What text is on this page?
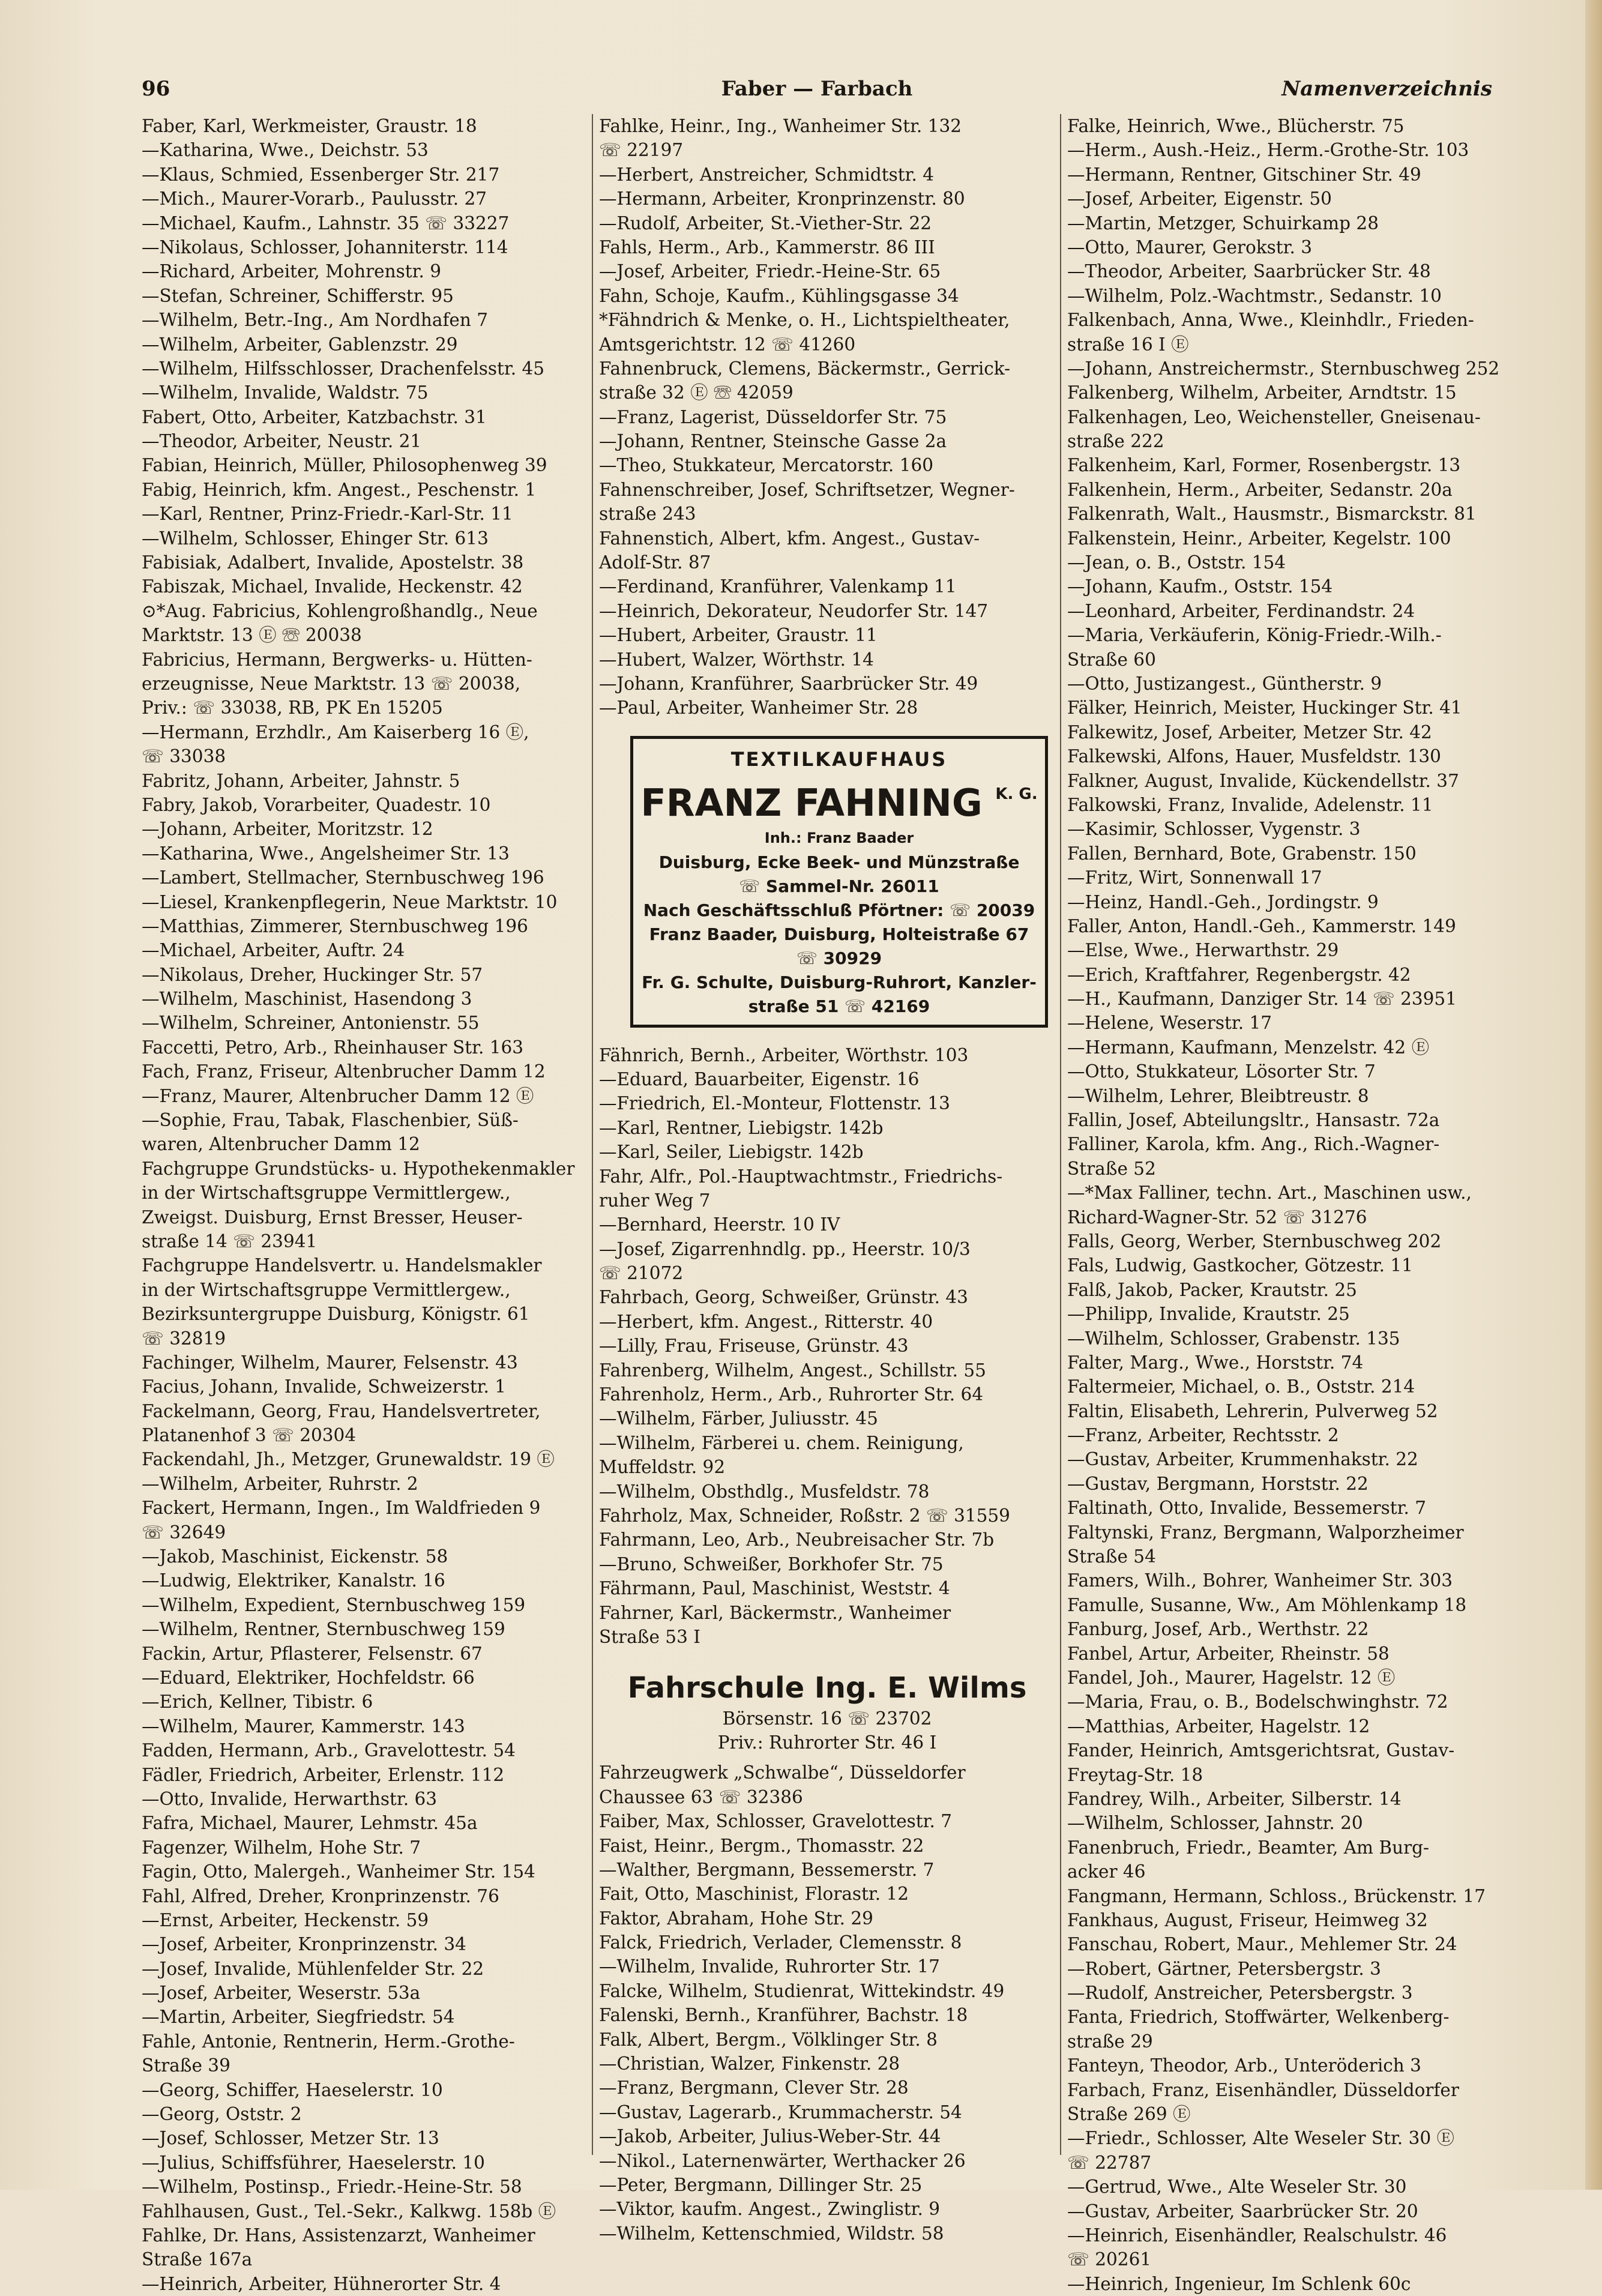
96	Faber — Farbach	Namenverzeichnis
Faber, Karl, Werkmeister, Graustr. 18
—Katharina, Wwe., Deichstr. 53
—Klaus, Schmied, Essenberger Str. 217
—Mich., Maurer-Vorarb., Paulusstr. 27
—Michael, Kaufm., Lahnstr. 35 ☏ 33227
—Nikolaus, Schlosser, Johanniterstr. 114
—Richard, Arbeiter, Mohrenstr. 9
—Stefan, Schreiner, Schifferstr. 95
—Wilhelm, Betr.-Ing., Am Nordhafen 7
—Wilhelm, Arbeiter, Gablenzstr. 29
—Wilhelm, Hilfsschlosser, Drachenfelsstr. 45
—Wilhelm, Invalide, Waldstr. 75
Fabert, Otto, Arbeiter, Katzbachstr. 31
—Theodor, Arbeiter, Neustr. 21
Fabian, Heinrich, Müller, Philosophenweg 39
Fabig, Heinrich, kfm. Angest., Peschenstr. 1
—Karl, Rentner, Prinz-Friedr.-Karl-Str. 11
—Wilhelm, Schlosser, Ehinger Str. 613
Fabisiak, Adalbert, Invalide, Apostelstr. 38
Fabiszak, Michael, Invalide, Heckenstr. 42
⊙*Aug. Fabricius, Kohlengroßhandlg., Neue
Marktstr. 13 Ⓔ ☏ 20038
Fabricius, Hermann, Bergwerks- u. Hütten-
erzeugnisse, Neue Marktstr. 13 ☏ 20038,
Priv.: ☏ 33038, RB, PK En 15205
—Hermann, Erzhdlr., Am Kaiserberg 16 Ⓔ,
☏ 33038
Fabritz, Johann, Arbeiter, Jahnstr. 5
Fabry, Jakob, Vorarbeiter, Quadestr. 10
—Johann, Arbeiter, Moritzstr. 12
—Katharina, Wwe., Angelsheimer Str. 13
—Lambert, Stellmacher, Sternbuschweg 196
—Liesel, Krankenpflegerin, Neue Marktstr. 10
—Matthias, Zimmerer, Sternbuschweg 196
—Michael, Arbeiter, Auftr. 24
—Nikolaus, Dreher, Huckinger Str. 57
—Wilhelm, Maschinist, Hasendong 3
—Wilhelm, Schreiner, Antonienstr. 55
Faccetti, Petro, Arb., Rheinhauser Str. 163
Fach, Franz, Friseur, Altenbrucher Damm 12
—Franz, Maurer, Altenbrucher Damm 12 Ⓔ
—Sophie, Frau, Tabak, Flaschenbier, Süß-
waren, Altenbrucher Damm 12
Fachgruppe Grundstücks- u. Hypothekenmakler
in der Wirtschaftsgruppe Vermittlergew.,
Zweigst. Duisburg, Ernst Bresser, Heuser-
straße 14 ☏ 23941
Fachgruppe Handelsvertr. u. Handelsmakler
in der Wirtschaftsgruppe Vermittlergew.,
Bezirksuntergruppe Duisburg, Königstr. 61
☏ 32819
Fachinger, Wilhelm, Maurer, Felsenstr. 43
Facius, Johann, Invalide, Schweizerstr. 1
Fackelmann, Georg, Frau, Handelsvertreter,
Platanenhof 3 ☏ 20304
Fackendahl, Jh., Metzger, Grunewaldstr. 19 Ⓔ
—Wilhelm, Arbeiter, Ruhrstr. 2
Fackert, Hermann, Ingen., Im Waldfrieden 9
☏ 32649
—Jakob, Maschinist, Eickenstr. 58
—Ludwig, Elektriker, Kanalstr. 16
—Wilhelm, Expedient, Sternbuschweg 159
—Wilhelm, Rentner, Sternbuschweg 159
Fackin, Artur, Pflasterer, Felsenstr. 67
—Eduard, Elektriker, Hochfeldstr. 66
—Erich, Kellner, Tibistr. 6
—Wilhelm, Maurer, Kammerstr. 143
Fadden, Hermann, Arb., Gravelottestr. 54
Fädler, Friedrich, Arbeiter, Erlenstr. 112
—Otto, Invalide, Herwarthstr. 63
Fafra, Michael, Maurer, Lehmstr. 45a
Fagenzer, Wilhelm, Hohe Str. 7
Fagin, Otto, Malergeh., Wanheimer Str. 154
Fahl, Alfred, Dreher, Kronprinzenstr. 76
—Ernst, Arbeiter, Heckenstr. 59
—Josef, Arbeiter, Kronprinzenstr. 34
—Josef, Invalide, Mühlenfelder Str. 22
—Josef, Arbeiter, Weserstr. 53a
—Martin, Arbeiter, Siegfriedstr. 54
Fahle, Antonie, Rentnerin, Herm.-Grothe-
Straße 39
—Georg, Schiffer, Haeselerstr. 10
—Georg, Oststr. 2
—Josef, Schlosser, Metzer Str. 13
—Julius, Schiffsführer, Haeselerstr. 10
—Wilhelm, Postinsp., Friedr.-Heine-Str. 58
Fahlhausen, Gust., Tel.-Sekr., Kalkwg. 158b Ⓔ
Fahlke, Dr. Hans, Assistenzarzt, Wanheimer
Straße 167a
—Heinrich, Arbeiter, Hühnerorter Str. 4
Fahlke, Heinr., Ing., Wanheimer Str. 132
☏ 22197
—Herbert, Anstreicher, Schmidtstr. 4
—Hermann, Arbeiter, Kronprinzenstr. 80
—Rudolf, Arbeiter, St.-Viether-Str. 22
Fahls, Herm., Arb., Kammerstr. 86 III
—Josef, Arbeiter, Friedr.-Heine-Str. 65
Fahn, Schoje, Kaufm., Kühlingsgasse 34
*Fähndrich & Menke, o. H., Lichtspieltheater,
Amtsgerichtstr. 12 ☏ 41260
Fahnenbruck, Clemens, Bäckermstr., Gerrick-
straße 32 Ⓔ ☏ 42059
—Franz, Lagerist, Düsseldorfer Str. 75
—Johann, Rentner, Steinsche Gasse 2a
—Theo, Stukkateur, Mercatorstr. 160
Fahnenschreiber, Josef, Schriftsetzer, Wegner-
straße 243
Fahnenstich, Albert, kfm. Angest., Gustav-
Adolf-Str. 87
—Ferdinand, Kranführer, Valenkamp 11
—Heinrich, Dekorateur, Neudorfer Str. 147
—Hubert, Arbeiter, Graustr. 11
—Hubert, Walzer, Wörthstr. 14
—Johann, Kranführer, Saarbrücker Str. 49
—Paul, Arbeiter, Wanheimer Str. 28
TEXTILKAUFHAUS
FRANZ FAHNING $^{K. G.}$
Inh.: Franz Baader
Duisburg, Ecke Beek- und Münzstraße
☏ Sammel-Nr. 26011
Nach Geschäftsschluß Pförtner: ☏ 20039
Franz Baader, Duisburg, Holteistraße 67
☏ 30929
Fr. G. Schulte, Duisburg-Ruhrort, Kanzler-
straße 51 ☏ 42169
Fähnrich, Bernh., Arbeiter, Wörthstr. 103
—Eduard, Bauarbeiter, Eigenstr. 16
—Friedrich, El.-Monteur, Flottenstr. 13
—Karl, Rentner, Liebigstr. 142b
—Karl, Seiler, Liebigstr. 142b
Fahr, Alfr., Pol.-Hauptwachtmstr., Friedrichs-
ruher Weg 7
—Bernhard, Heerstr. 10 IV
—Josef, Zigarrenhndlg. pp., Heerstr. 10/3
☏ 21072
Fahrbach, Georg, Schweißer, Grünstr. 43
—Herbert, kfm. Angest., Ritterstr. 40
—Lilly, Frau, Friseuse, Grünstr. 43
Fahrenberg, Wilhelm, Angest., Schillstr. 55
Fahrenholz, Herm., Arb., Ruhrorter Str. 64
—Wilhelm, Färber, Juliusstr. 45
—Wilhelm, Färberei u. chem. Reinigung,
Muffeldstr. 92
—Wilhelm, Obsthdlg., Musfeldstr. 78
Fahrholz, Max, Schneider, Roßstr. 2 ☏ 31559
Fahrmann, Leo, Arb., Neubreisacher Str. 7b
—Bruno, Schweißer, Borkhofer Str. 75
Fährmann, Paul, Maschinist, Weststr. 4
Fahrner, Karl, Bäckermstr., Wanheimer
Straße 53 I
Fahrschule Ing. E. Wilms
Börsenstr. 16 ☏ 23702
Priv.: Ruhrorter Str. 46 I
Fahrzeugwerk „Schwalbe“, Düsseldorfer
Chaussee 63 ☏ 32386
Faiber, Max, Schlosser, Gravelottestr. 7
Faist, Heinr., Bergm., Thomasstr. 22
—Walther, Bergmann, Bessemerstr. 7
Fait, Otto, Maschinist, Florastr. 12
Faktor, Abraham, Hohe Str. 29
Falck, Friedrich, Verlader, Clemensstr. 8
—Wilhelm, Invalide, Ruhrorter Str. 17
Falcke, Wilhelm, Studienrat, Wittekindstr. 49
Falenski, Bernh., Kranführer, Bachstr. 18
Falk, Albert, Bergm., Völklinger Str. 8
—Christian, Walzer, Finkenstr. 28
—Franz, Bergmann, Clever Str. 28
—Gustav, Lagerarb., Krummacherstr. 54
—Jakob, Arbeiter, Julius-Weber-Str. 44
—Nikol., Laternenwärter, Werthacker 26
—Peter, Bergmann, Dillinger Str. 25
—Viktor, kaufm. Angest., Zwinglistr. 9
—Wilhelm, Kettenschmied, Wildstr. 58
Falke, Heinrich, Wwe., Blücherstr. 75
—Herm., Aush.-Heiz., Herm.-Grothe-Str. 103
—Hermann, Rentner, Gitschiner Str. 49
—Josef, Arbeiter, Eigenstr. 50
—Martin, Metzger, Schuirkamp 28
—Otto, Maurer, Gerokstr. 3
—Theodor, Arbeiter, Saarbrücker Str. 48
—Wilhelm, Polz.-Wachtmstr., Sedanstr. 10
Falkenbach, Anna, Wwe., Kleinhdlr., Frieden-
straße 16 I Ⓔ
—Johann, Anstreichermstr., Sternbuschweg 252
Falkenberg, Wilhelm, Arbeiter, Arndtstr. 15
Falkenhagen, Leo, Weichensteller, Gneisenau-
straße 222
Falkenheim, Karl, Former, Rosenbergstr. 13
Falkenhein, Herm., Arbeiter, Sedanstr. 20a
Falkenrath, Walt., Hausmstr., Bismarckstr. 81
Falkenstein, Heinr., Arbeiter, Kegelstr. 100
—Jean, o. B., Oststr. 154
—Johann, Kaufm., Oststr. 154
—Leonhard, Arbeiter, Ferdinandstr. 24
—Maria, Verkäuferin, König-Friedr.-Wilh.-
Straße 60
—Otto, Justizangest., Güntherstr. 9
Fälker, Heinrich, Meister, Huckinger Str. 41
Falkewitz, Josef, Arbeiter, Metzer Str. 42
Falkewski, Alfons, Hauer, Musfeldstr. 130
Falkner, August, Invalide, Kückendellstr. 37
Falkowski, Franz, Invalide, Adelenstr. 11
—Kasimir, Schlosser, Vygenstr. 3
Fallen, Bernhard, Bote, Grabenstr. 150
—Fritz, Wirt, Sonnenwall 17
—Heinz, Handl.-Geh., Jordingstr. 9
Faller, Anton, Handl.-Geh., Kammerstr. 149
—Else, Wwe., Herwarthstr. 29
—Erich, Kraftfahrer, Regenbergstr. 42
—H., Kaufmann, Danziger Str. 14 ☏ 23951
—Helene, Weserstr. 17
—Hermann, Kaufmann, Menzelstr. 42 Ⓔ
—Otto, Stukkateur, Lösorter Str. 7
—Wilhelm, Lehrer, Bleibtreustr. 8
Fallin, Josef, Abteilungsltr., Hansastr. 72a
Falliner, Karola, kfm. Ang., Rich.-Wagner-
Straße 52
—*Max Falliner, techn. Art., Maschinen usw.,
Richard-Wagner-Str. 52 ☏ 31276
Falls, Georg, Werber, Sternbuschweg 202
Fals, Ludwig, Gastkocher, Götzestr. 11
Falß, Jakob, Packer, Krautstr. 25
—Philipp, Invalide, Krautstr. 25
—Wilhelm, Schlosser, Grabenstr. 135
Falter, Marg., Wwe., Horststr. 74
Faltermeier, Michael, o. B., Oststr. 214
Faltin, Elisabeth, Lehrerin, Pulverweg 52
—Franz, Arbeiter, Rechtsstr. 2
—Gustav, Arbeiter, Krummenhakstr. 22
—Gustav, Bergmann, Horststr. 22
Faltinath, Otto, Invalide, Bessemerstr. 7
Faltynski, Franz, Bergmann, Walporzheimer
Straße 54
Famers, Wilh., Bohrer, Wanheimer Str. 303
Famulle, Susanne, Ww., Am Möhlenkamp 18
Fanburg, Josef, Arb., Werthstr. 22
Fanbel, Artur, Arbeiter, Rheinstr. 58
Fandel, Joh., Maurer, Hagelstr. 12 Ⓔ
—Maria, Frau, o. B., Bodelschwinghstr. 72
—Matthias, Arbeiter, Hagelstr. 12
Fander, Heinrich, Amtsgerichtsrat, Gustav-
Freytag-Str. 18
Fandrey, Wilh., Arbeiter, Silberstr. 14
—Wilhelm, Schlosser, Jahnstr. 20
Fanenbruch, Friedr., Beamter, Am Burg-
acker 46
Fangmann, Hermann, Schloss., Brückenstr. 17
Fankhaus, August, Friseur, Heimweg 32
Fanschau, Robert, Maur., Mehlemer Str. 24
—Robert, Gärtner, Petersbergstr. 3
—Rudolf, Anstreicher, Petersbergstr. 3
Fanta, Friedrich, Stoffwärter, Welkenberg-
straße 29
Fanteyn, Theodor, Arb., Unteröderich 3
Farbach, Franz, Eisenhändler, Düsseldorfer
Straße 269 Ⓔ
—Friedr., Schlosser, Alte Weseler Str. 30 Ⓔ
☏ 22787
—Gertrud, Wwe., Alte Weseler Str. 30
—Gustav, Arbeiter, Saarbrücker Str. 20
—Heinrich, Eisenhändler, Realschulstr. 46
☏ 20261
—Heinrich, Ingenieur, Im Schlenk 60c
